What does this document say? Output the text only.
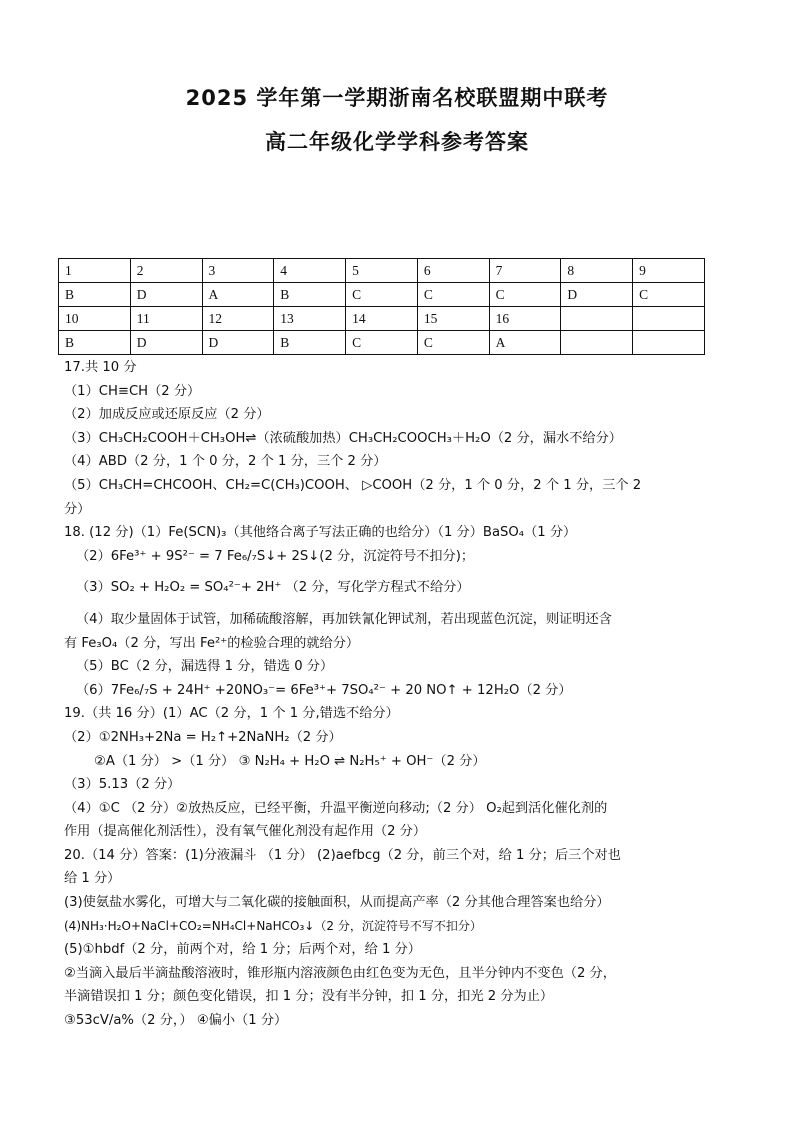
2025 学年第一学期浙南名校联盟期中联考
高二年级化学学科参考答案
1	2	3	4	5	6	7	8	9
B	D	A	B	C	C	C	D	C
10	11	12	13	14	15	16		
B	D	D	B	C	C	A		
17.共 10 分
（1）CH≡CH（2 分）
（2）加成反应或还原反应（2 分）
（3）CH₃CH₂COOH＋CH₃OH⇌（浓硫酸加热）CH₃CH₂COOCH₃＋H₂O（2 分，漏水不给分）
（4）ABD（2 分，1 个 0 分，2 个 1 分，三个 2 分）
（5）CH₃CH=CHCOOH、CH₂=C(CH₃)COOH、 ▷COOH（2 分，1 个 0 分，2 个 1 分，三个 2
分）
18. (12 分)（1）Fe(SCN)₃（其他络合离子写法正确的也给分）（1 分）BaSO₄（1 分）
（2）6Fe³⁺ + 9S²⁻ = 7 Fe₆/₇S↓+ 2S↓(2 分，沉淀符号不扣分)；
（3）SO₂ + H₂O₂ = SO₄²⁻+ 2H⁺ （2 分，写化学方程式不给分）
（4）取少量固体于试管，加稀硫酸溶解，再加铁氰化钾试剂，若出现蓝色沉淀，则证明还含
有 Fe₃O₄（2 分，写出 Fe²⁺的检验合理的就给分）
（5）BC（2 分，漏选得 1 分，错选 0 分）
（6）7Fe₆/₇S + 24H⁺ +20NO₃⁻= 6Fe³⁺+ 7SO₄²⁻ + 20 NO↑ + 12H₂O（2 分）
19.（共 16 分）(1）AC（2 分，1 个 1 分,错选不给分）
（2）①2NH₃+2Na = H₂↑+2NaNH₂（2 分）
②A（1 分） >（1 分） ③ N₂H₄ + H₂O ⇌ N₂H₅⁺ + OH⁻（2 分）
（3）5.13（2 分）
（4）①C （2 分）②放热反应，已经平衡，升温平衡逆向移动;（2 分） O₂起到活化催化剂的
作用（提高催化剂活性），没有氧气催化剂没有起作用（2 分）
20.（14 分）答案：(1)分液漏斗 （1 分） (2)aefbcg（2 分，前三个对，给 1 分；后三个对也
给 1 分）
(3)使氨盐水雾化，可增大与二氧化碳的接触面积，从而提高产率（2 分其他合理答案也给分）
(4)NH₃·H₂O+NaCl+CO₂=NH₄Cl+NaHCO₃↓（2 分，沉淀符号不写不扣分）
(5)①hbdf（2 分，前两个对，给 1 分；后两个对，给 1 分）
②当滴入最后半滴盐酸溶液时，锥形瓶内溶液颜色由红色变为无色，且半分钟内不变色（2 分，
半滴错误扣 1 分；颜色变化错误，扣 1 分；没有半分钟，扣 1 分，扣光 2 分为止）
③53cV/a%（2 分，） ④偏小（1 分）
